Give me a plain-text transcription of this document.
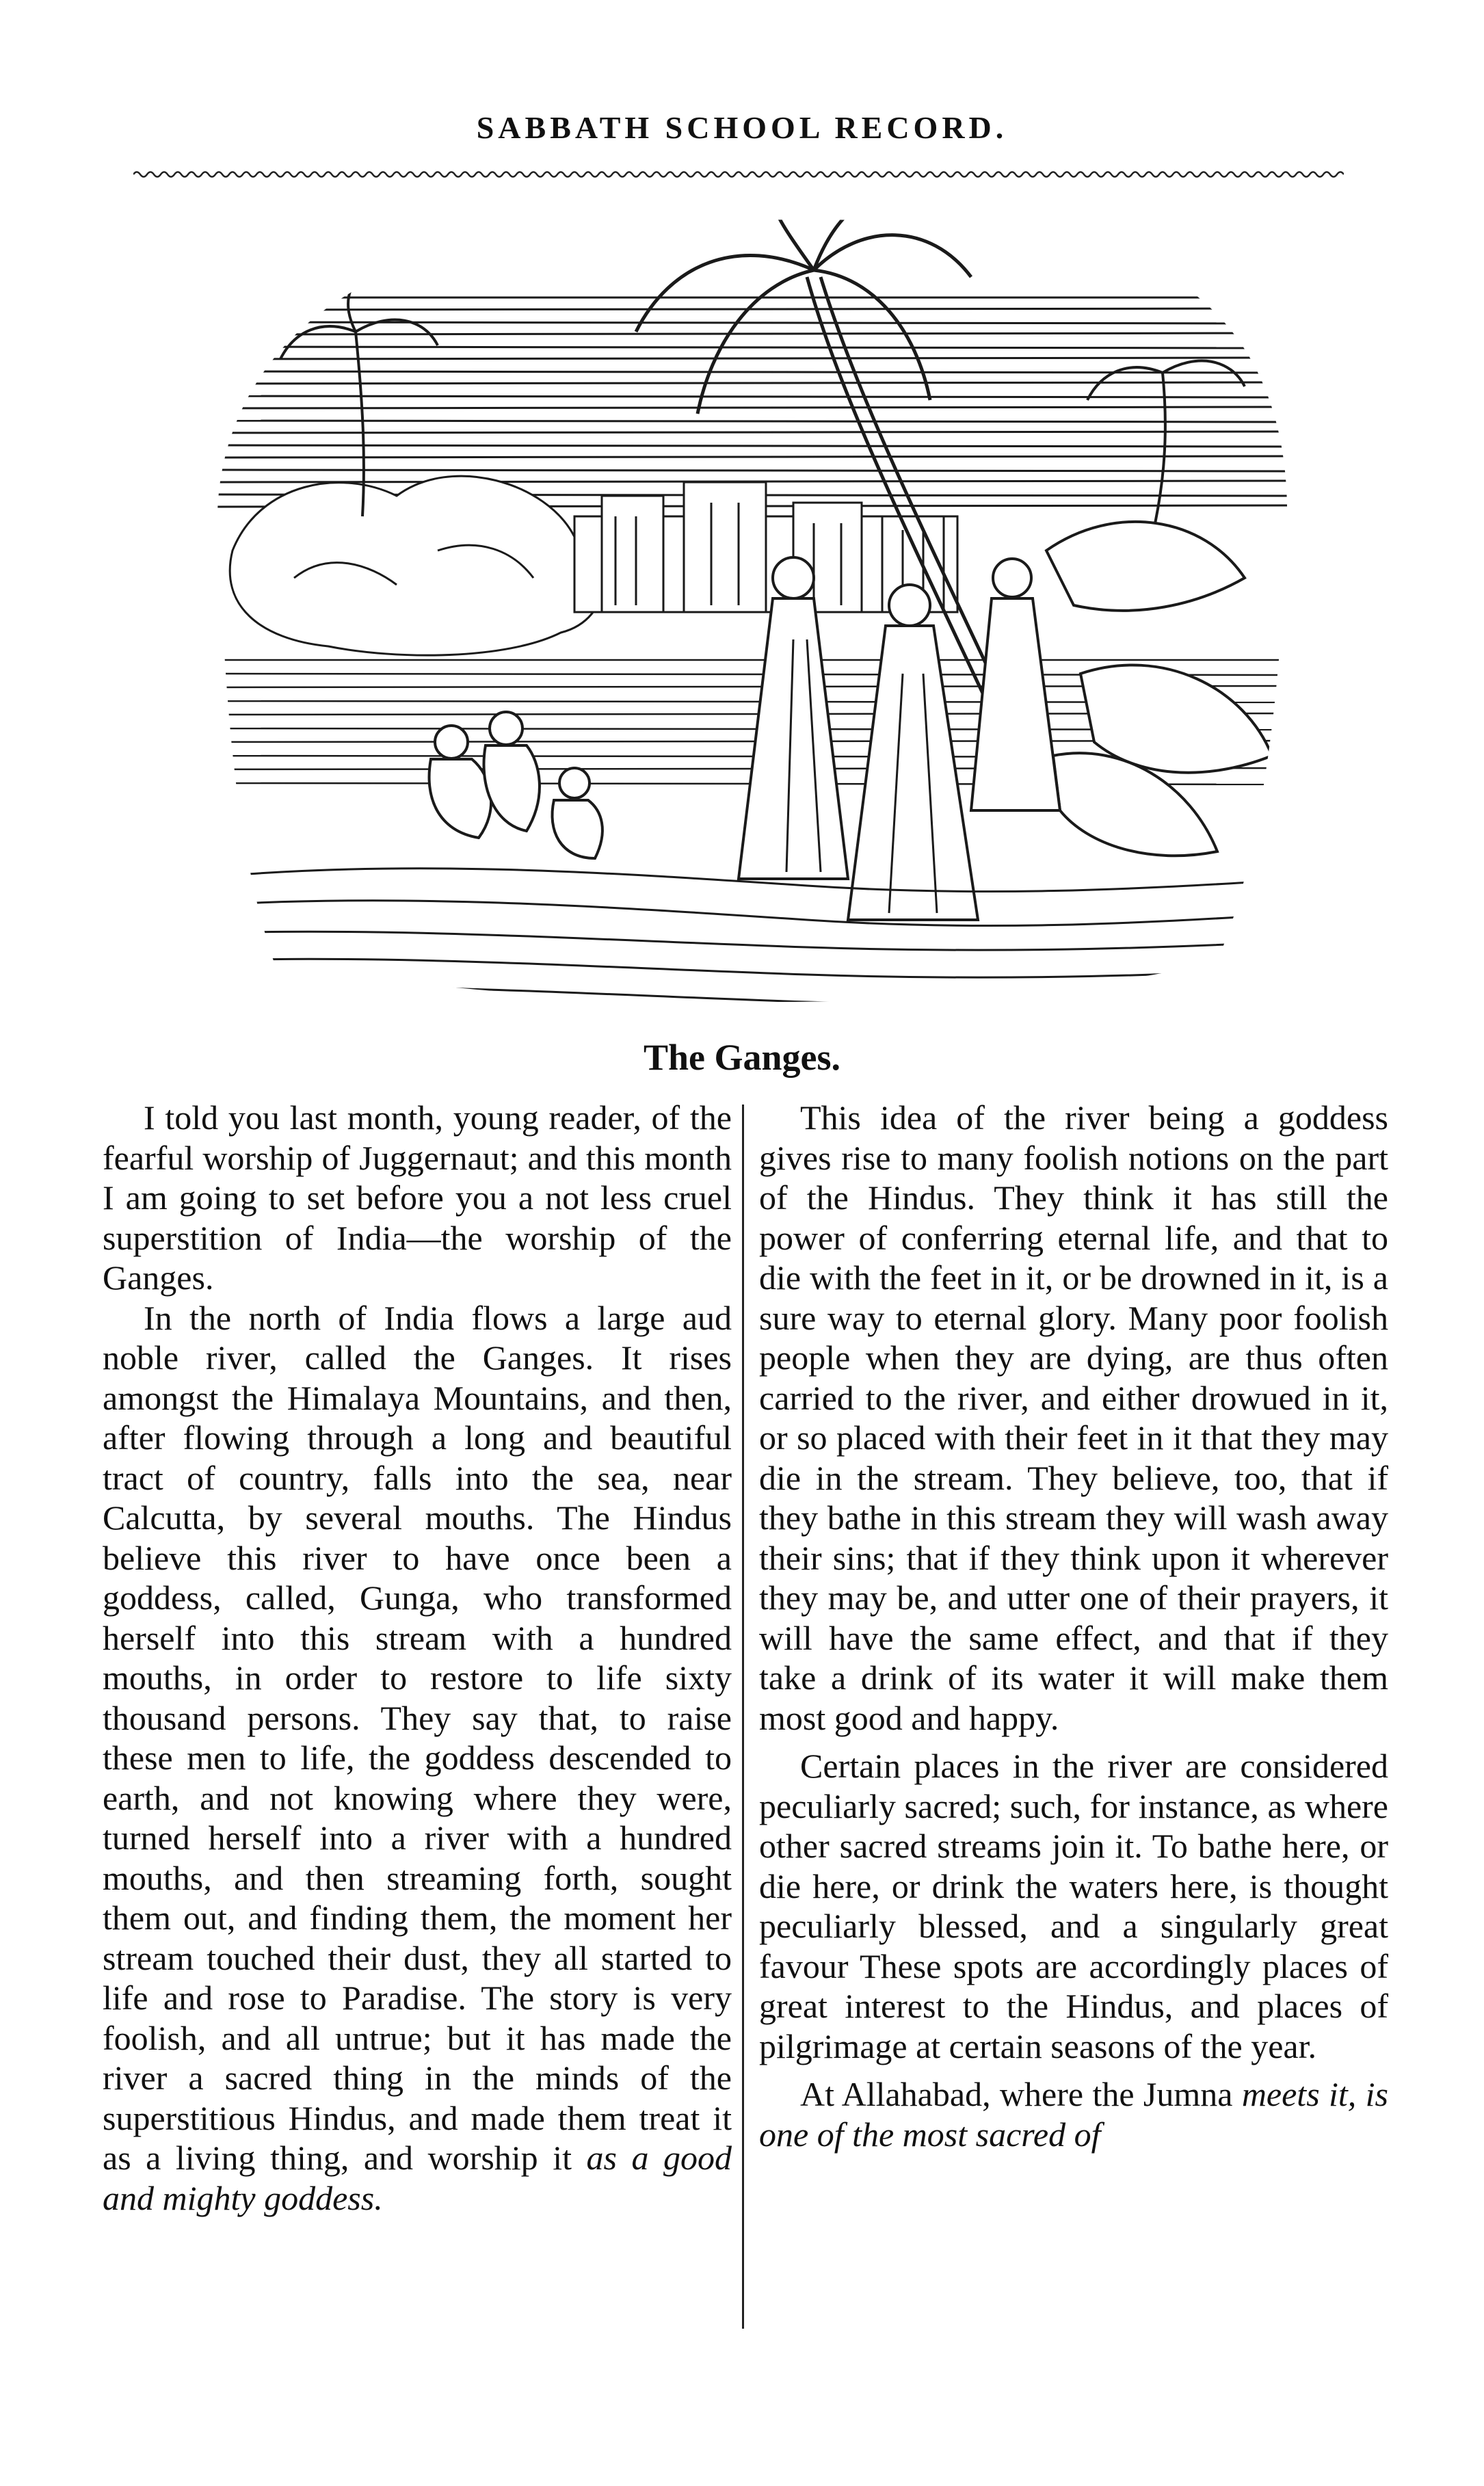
SABBATH SCHOOL RECORD.
The Ganges.

I told you last month, young reader, of the fearful worship of Juggernaut; and this month I am going to set before you a not less cruel superstition of India—the worship of the Ganges.

In the north of India flows a large aud noble river, called the Ganges. It rises amongst the Himalaya Mountains, and then, after flowing through a long and beautiful tract of country, falls into the sea, near Calcutta, by several mouths. The Hindus believe this river to have once been a goddess, called, Gunga, who transformed herself into this stream with a hundred mouths, in order to restore to life sixty thousand persons. They say that, to raise these men to life, the goddess descended to earth, and not knowing where they were, turned herself into a river with a hundred mouths, and then streaming forth, sought them out, and finding them, the moment her stream touched their dust, they all started to life and rose to Paradise. The story is very foolish, and all untrue; but it has made the river a sacred thing in the minds of the superstitious Hindus, and made them treat it as a living thing, and worship it as a good and mighty goddess.

This idea of the river being a goddess gives rise to many foolish notions on the part of the Hindus. They think it has still the power of conferring eternal life, and that to die with the feet in it, or be drowned in it, is a sure way to eternal glory. Many poor foolish people when they are dying, are thus often carried to the river, and either drowued in it, or so placed with their feet in it that they may die in the stream. They believe, too, that if they bathe in this stream they will wash away their sins; that if they think upon it wherever they may be, and utter one of their prayers, it will have the same effect, and that if they take a drink of its water it will make them most good and happy.

Certain places in the river are considered peculiarly sacred; such, for instance, as where other sacred streams join it. To bathe here, or die here, or drink the waters here, is thought peculiarly blessed, and a singularly great favour These spots are accordingly places of great interest to the Hindus, and places of pilgrimage at certain seasons of the year.

At Allahabad, where the Jumna meets it, is one of the most sacred of
